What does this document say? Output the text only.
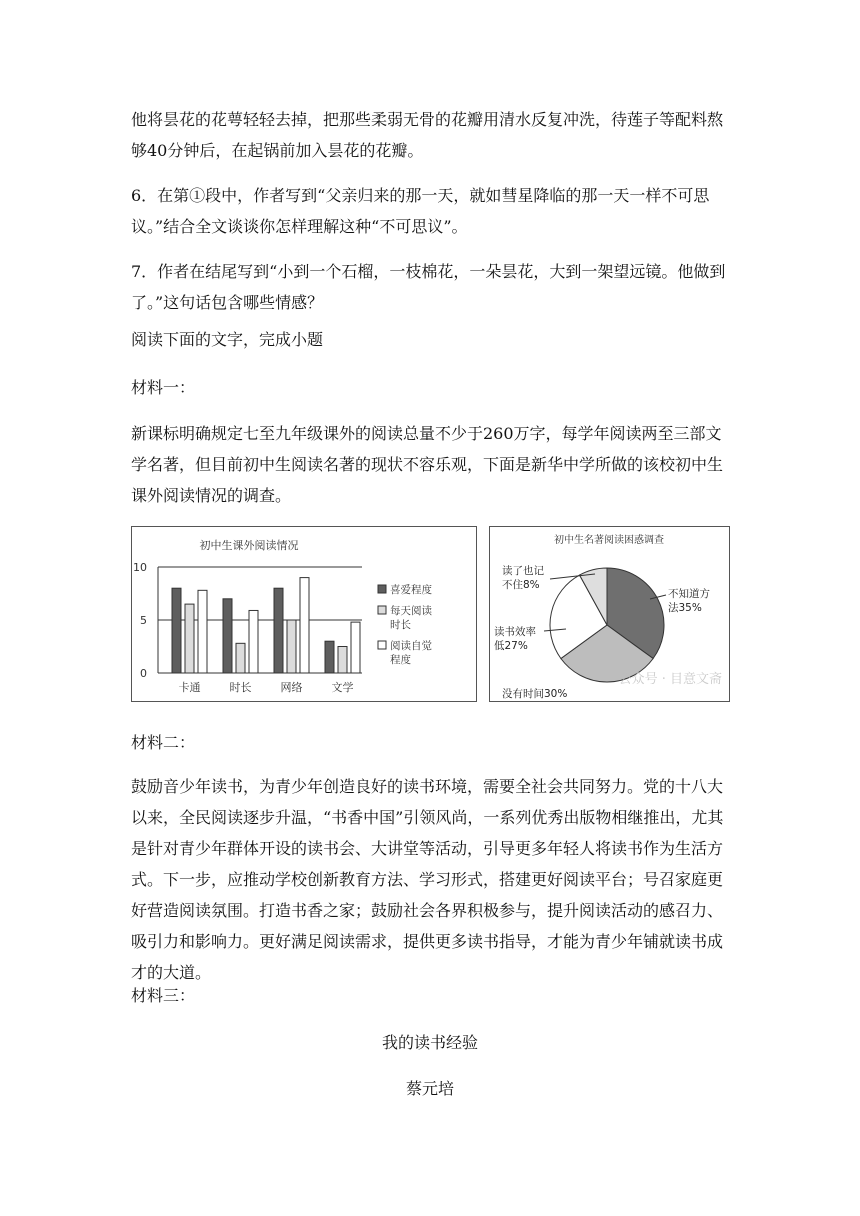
他将昙花的花萼轻轻去掉，把那些柔弱无骨的花瓣用清水反复冲洗，待莲子等配料熬够40分钟后，在起锅前加入昙花的花瓣。

6．在第①段中，作者写到“父亲归来的那一天，就如彗星降临的那一天一样不可思议。”结合全文谈谈你怎样理解这种“不可思议”。

7．作者在结尾写到“小到一个石榴，一枝棉花，一朵昙花，大到一架望远镜。他做到了。”这句话包含哪些情感？

阅读下面的文字，完成小题

材料一：

新课标明确规定七至九年级课外的阅读总量不少于260万字，每学年阅读两至三部文学名著，但目前初中生阅读名著的现状不容乐观，下面是新华中学所做的该校初中生课外阅读情况的调查。

初中生课外阅读情况
0
5
10
卡通	时长	网络	文学
喜爱程度
每天阅读
时长
阅读自觉
程度
初中生名著阅读困惑调查
不知道方
法35%
没有时间30%
读书效率
低27%
读了也记
不住8%
公众号 · 目意文斋

材料二：

鼓励音少年读书，为青少年创造良好的读书环境，需要全社会共同努力。党的十八大以来，全民阅读逐步升温，“书香中国”引领风尚，一系列优秀出版物相继推出，尤其是针对青少年群体开设的读书会、大讲堂等活动，引导更多年轻人将读书作为生活方式。下一步，应推动学校创新教育方法、学习形式，搭建更好阅读平台；号召家庭更好营造阅读氛围。打造书香之家；鼓励社会各界积极参与，提升阅读活动的感召力、吸引力和影响力。更好满足阅读需求，提供更多读书指导，才能为青少年铺就读书成才的大道。

材料三：

我的读书经验

蔡元培
